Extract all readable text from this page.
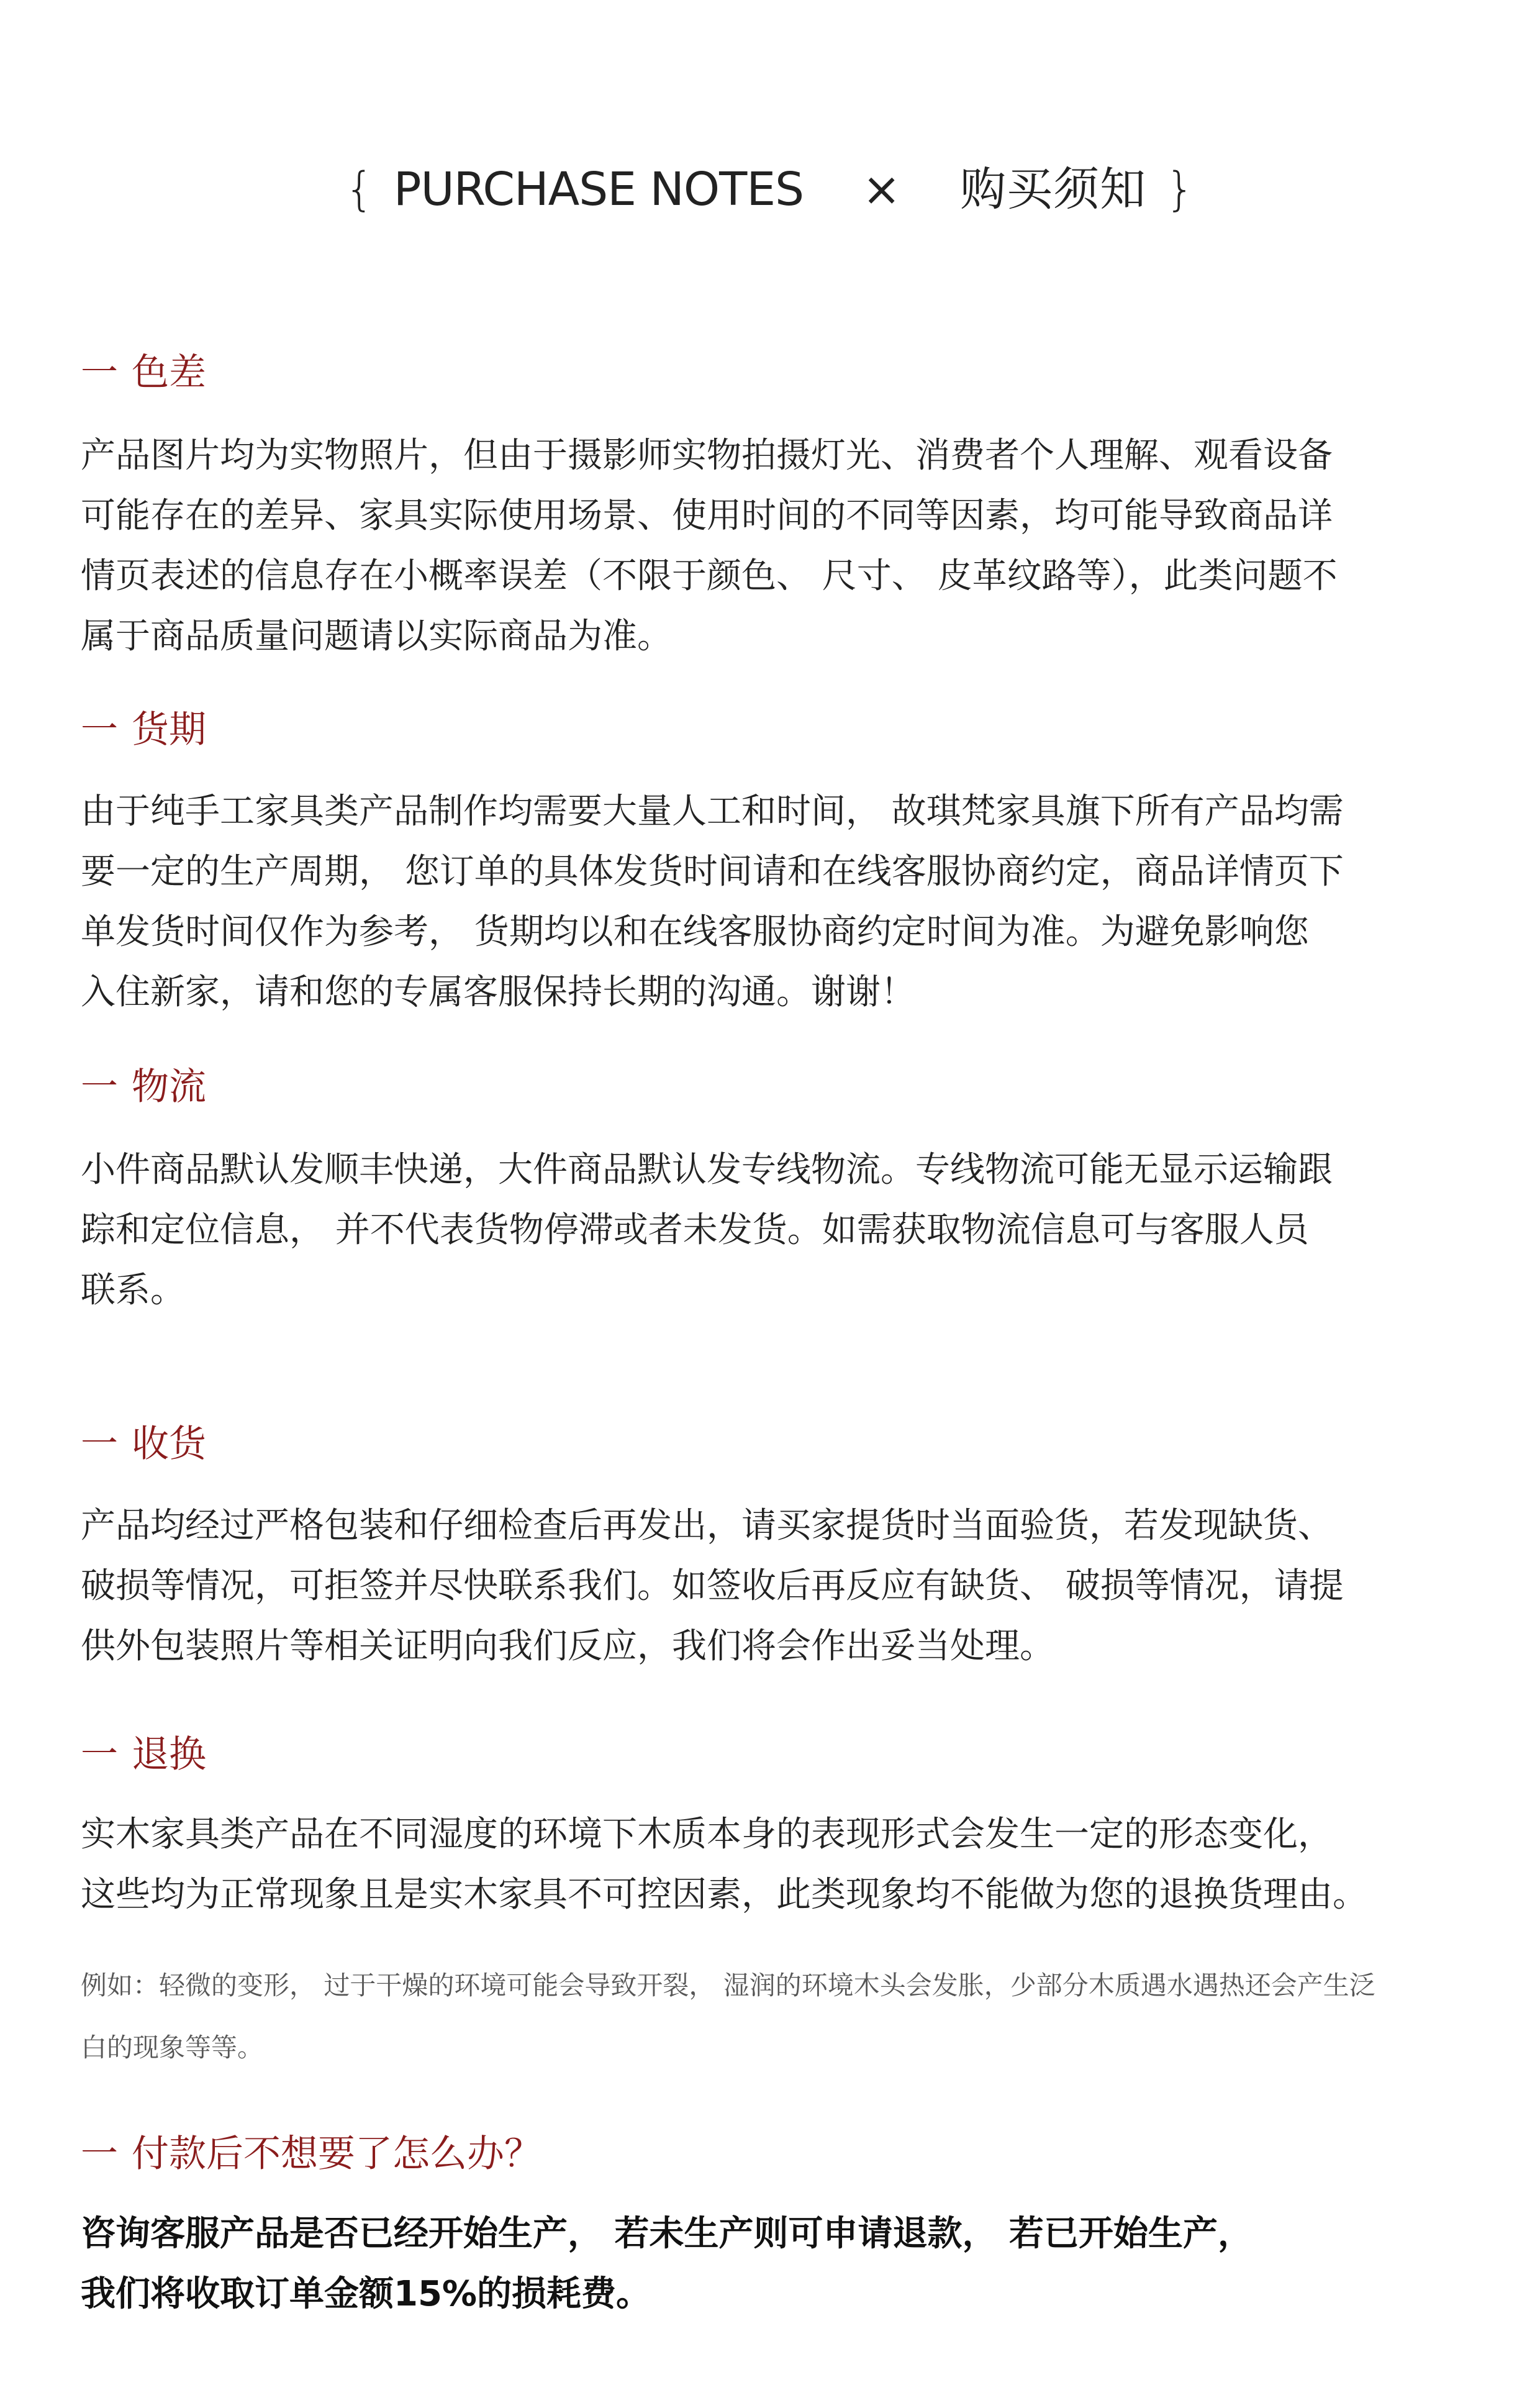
{ PURCHASE NOTES × 购买须知 }
一 色差
产品图片均为实物照片，但由于摄影师实物拍摄灯光、消费者个人理解、观看设备
可能存在的差异、家具实际使用场景、使用时间的不同等因素，均可能导致商品详
情页表述的信息存在小概率误差（不限于颜色、 尺寸、 皮革纹路等），此类问题不
属于商品质量问题请以实际商品为准。
一 货期
由于纯手工家具类产品制作均需要大量人工和时间， 故琪梵家具旗下所有产品均需
要一定的生产周期， 您订单的具体发货时间请和在线客服协商约定，商品详情页下
单发货时间仅作为参考， 货期均以和在线客服协商约定时间为准。为避免影响您
入住新家，请和您的专属客服保持长期的沟通。谢谢！
一 物流
小件商品默认发顺丰快递，大件商品默认发专线物流。专线物流可能无显示运输跟
踪和定位信息， 并不代表货物停滞或者未发货。如需获取物流信息可与客服人员
联系。
一 收货
产品均经过严格包装和仔细检查后再发出，请买家提货时当面验货，若发现缺货、
破损等情况，可拒签并尽快联系我们。如签收后再反应有缺货、 破损等情况，请提
供外包装照片等相关证明向我们反应，我们将会作出妥当处理。
一 退换
实木家具类产品在不同湿度的环境下木质本身的表现形式会发生一定的形态变化，
这些均为正常现象且是实木家具不可控因素，此类现象均不能做为您的退换货理由。
例如：轻微的变形， 过于干燥的环境可能会导致开裂， 湿润的环境木头会发胀，少部分木质遇水遇热还会产生泛
白的现象等等。
一 付款后不想要了怎么办？
咨询客服产品是否已经开始生产， 若未生产则可申请退款， 若已开始生产，
我们将收取订单金额15%的损耗费。
